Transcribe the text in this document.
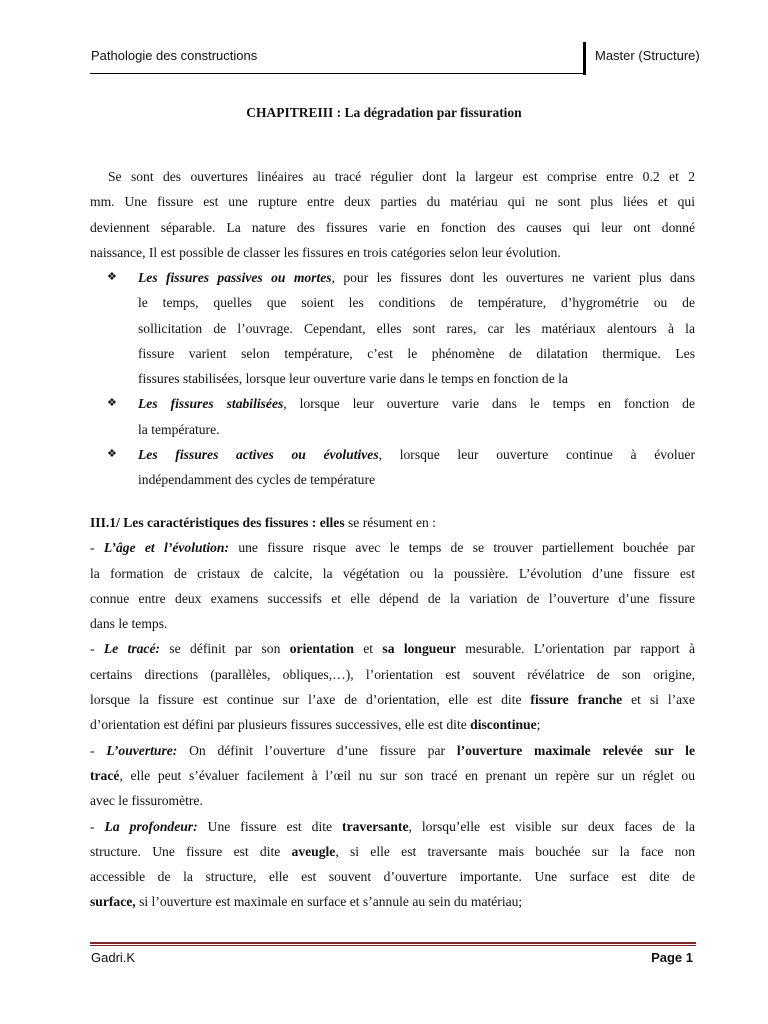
Pathologie des constructions	Master (Structure)
CHAPITREIII : La dégradation par fissuration
Se sont des ouvertures linéaires au tracé régulier dont la largeur est comprise entre 0.2 et 2
mm. Une fissure est une rupture entre deux parties du matériau qui ne sont plus liées et qui
deviennent séparable. La nature des fissures varie en fonction des causes qui leur ont donné
naissance, Il est possible de classer les fissures en trois catégories selon leur évolution.
❖ Les fissures passives ou mortes, pour les fissures dont les ouvertures ne varient plus dans
le temps, quelles que soient les conditions de température, d’hygrométrie ou de
sollicitation de l’ouvrage. Cependant, elles sont rares, car les matériaux alentours à la
fissure varient selon température, c’est le phénomène de dilatation thermique. Les
fissures stabilisées, lorsque leur ouverture varie dans le temps en fonction de la
❖ Les fissures stabilisées, lorsque leur ouverture varie dans le temps en fonction de
la température.
❖ Les fissures actives ou évolutives, lorsque leur ouverture continue à évoluer
indépendamment des cycles de température
III.1/ Les caractéristiques des fissures : elles se résument en :
- L’âge et l’évolution: une fissure risque avec le temps de se trouver partiellement bouchée par
la formation de cristaux de calcite, la végétation ou la poussière. L’évolution d’une fissure est
connue entre deux examens successifs et elle dépend de la variation de l’ouverture d’une fissure
dans le temps.
- Le tracé: se définit par son orientation et sa longueur mesurable. L’orientation par rapport à
certains directions (parallèles, obliques,…), l’orientation est souvent révélatrice de son origine,
lorsque la fissure est continue sur l’axe de d’orientation, elle est dite fissure franche et si l’axe
d’orientation est défini par plusieurs fissures successives, elle est dite discontinue;
- L’ouverture: On définit l’ouverture d’une fissure par l’ouverture maximale relevée sur le
tracé, elle peut s’évaluer facilement à l’œil nu sur son tracé en prenant un repère sur un réglet ou
avec le fissuromètre.
- La profondeur: Une fissure est dite traversante, lorsqu’elle est visible sur deux faces de la
structure. Une fissure est dite aveugle, si elle est traversante mais bouchée sur la face non
accessible de la structure, elle est souvent d’ouverture importante. Une surface est dite de
surface, si l’ouverture est maximale en surface et s’annule au sein du matériau;
Gadri.K	Page 1
